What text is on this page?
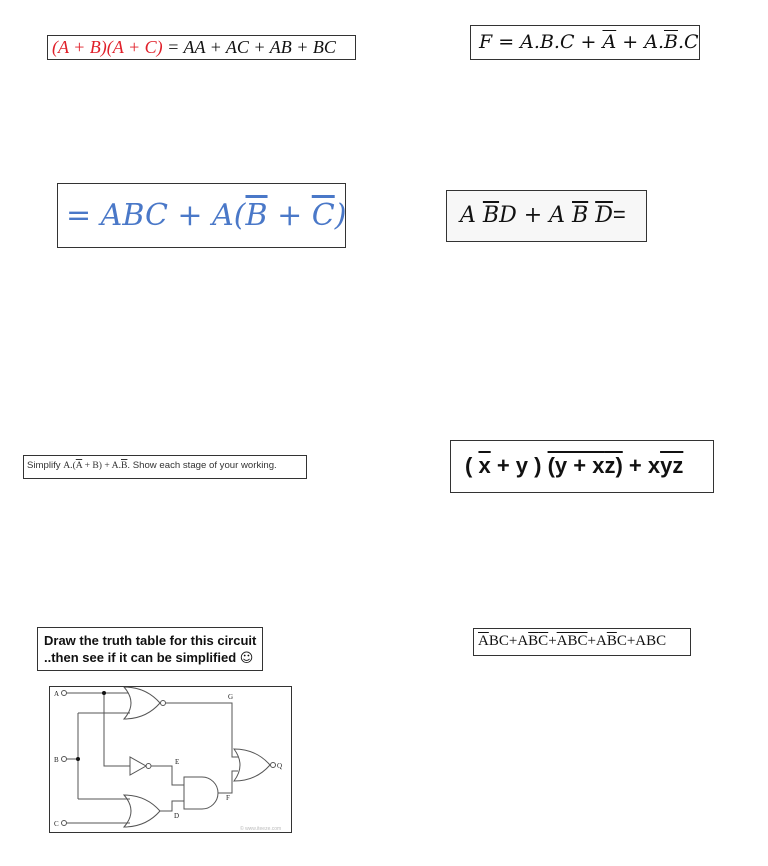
(A + B)(A + C) = AA + AC + AB + BC	$F = A.B.C + \overline{A} + A.\overline{B}.C$
= ABC + $A(\overline{B} + \overline{C})$	A $\overline{B}D + A$ $\overline{B}$ $\overline{D}=$
Simplify $A.(\overline{A} + B) + A.\overline{B}$. Show each stage of your working.	( $\overline{x} + y$ ) $(y + xz) + x\overline{yz}$
Draw the truth table for this circuit
..then see if it can be simplified ☺
$\overline{A}BC+A\overline{B}\overline{C}+\overline{AB}\overline{C}+A\overline{B}C+ABC$
A
B
C
G
E
D
F
Q
© www.iteeze.com
